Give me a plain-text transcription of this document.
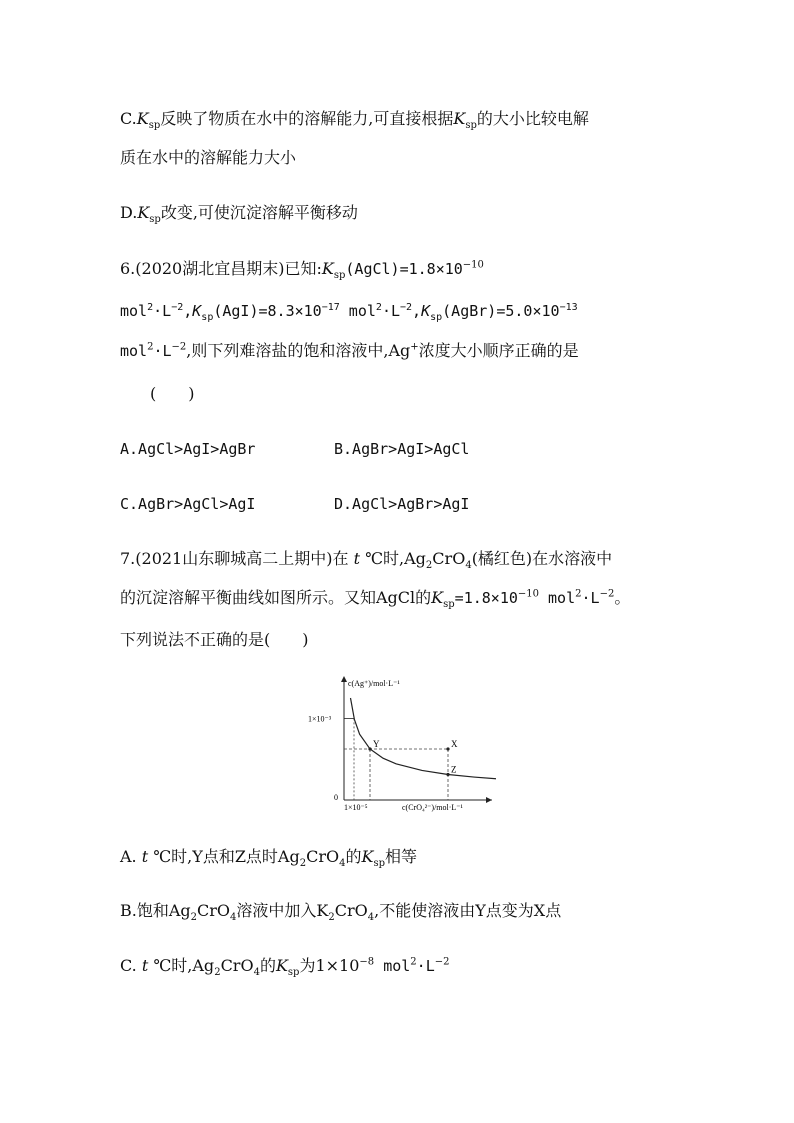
$C.K_{sp}$反映了物质在水中的溶解能力,可直接根据$K_{sp}$的大小比较电解
质在水中的溶解能力大小
$D.K_{sp}$改变,可使沉淀溶解平衡移动
6.(2020湖北宜昌期末)已知$:K_{sp}(AgCl)=1.8\times 10^{-10}$
$mol^2\cdot L^{-2},K_{sp}(AgI)=8.3\times 10^{-17}$ $mol^2\cdot L^{-2},K_{sp}(AgBr)=5.0\times 10^{-13}$
$mol^2\cdot L^{-2}$,则下列难溶盐的饱和溶液中,Ag+浓度大小顺序正确的是
(　　)
A.AgCl>AgI>AgBr	B.AgBr>AgI>AgCl
C.AgBr>AgCl>AgI	D.AgCl>AgBr>AgI
7.(2021山东聊城高二上期中)在 t ℃时$,Ag_2CrO_4$(橘红色)在水溶液中
的沉淀溶解平衡曲线如图所示。又知AgCl的$K_{sp}=1.8\times 10^{-10}$ $mol^2\cdot L^{-2}$。
下列说法不正确的是(　　)
c(Ag⁺)/mol·L⁻¹
c(CrO₄²⁻)/mol·L⁻¹
1×10⁻³
1×10⁻⁵
0
Y	X
Z
A. t ℃时,Y点和Z点时$Ag_2CrO_4$的$K_{sp}$相等
B.饱和$Ag_2CrO_4$溶液中加入$K_2CrO_4$,不能使溶液由Y点变为X点
C. t ℃时$,Ag_2CrO_4$的$K_{sp}$为$1\times 10^{-8}$ $mol^2\cdot L^{-2}$
